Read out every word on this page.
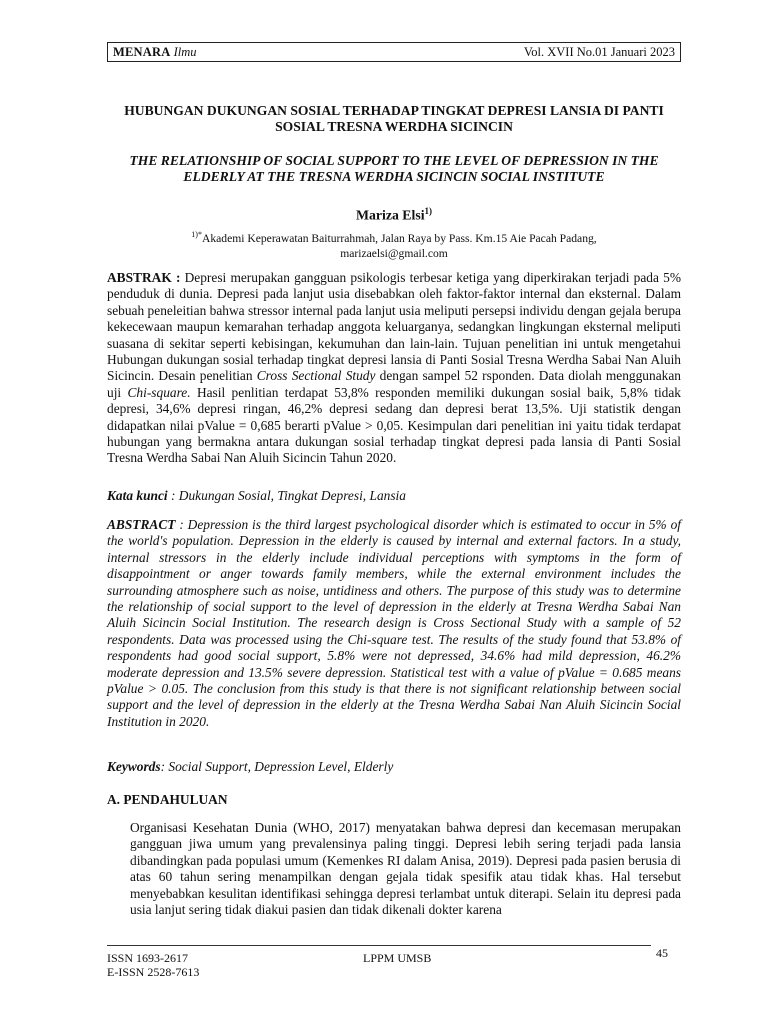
MENARA Ilmu	Vol. XVII No.01 Januari 2023

HUBUNGAN DUKUNGAN SOSIAL TERHADAP TINGKAT DEPRESI LANSIA DI PANTI SOSIAL TRESNA WERDHA SICINCIN

THE RELATIONSHIP OF SOCIAL SUPPORT TO THE LEVEL OF DEPRESSION IN THE ELDERLY AT THE TRESNA WERDHA SICINCIN SOCIAL INSTITUTE

Mariza Elsi$^{1)}$

$^{1)*}$Akademi Keperawatan Baiturrahmah, Jalan Raya by Pass. Km.15 Aie Pacah Padang,

marizaelsi@gmail.com

ABSTRAK : Depresi merupakan gangguan psikologis terbesar ketiga yang diperkirakan terjadi pada 5% penduduk di dunia. Depresi pada lanjut usia disebabkan oleh faktor-faktor internal dan eksternal. Dalam sebuah peneleitian bahwa stressor internal pada lanjut usia meliputi persepsi individu dengan gejala berupa kekecewaan maupun kemarahan terhadap anggota keluarganya, sedangkan lingkungan eksternal meliputi suasana di sekitar seperti kebisingan, kekumuhan dan lain-lain. Tujuan penelitian ini untuk mengetahui Hubungan dukungan sosial terhadap tingkat depresi lansia di Panti Sosial Tresna Werdha Sabai Nan Aluih Sicincin. Desain penelitian Cross Sectional Study dengan sampel 52 rsponden. Data diolah menggunakan uji Chi-square. Hasil penlitian terdapat 53,8% responden memiliki dukungan sosial baik, 5,8% tidak depresi, 34,6% depresi ringan, 46,2% depresi sedang dan depresi berat 13,5%. Uji statistik dengan didapatkan nilai pValue = 0,685 berarti pValue > 0,05. Kesimpulan dari penelitian ini yaitu tidak terdapat hubungan yang bermakna antara dukungan sosial terhadap tingkat depresi pada lansia di Panti Sosial Tresna Werdha Sabai Nan Aluih Sicincin Tahun 2020.
Kata kunci : Dukungan Sosial, Tingkat Depresi, Lansia
ABSTRACT : Depression is the third largest psychological disorder which is estimated to occur in 5% of the world's population. Depression in the elderly is caused by internal and external factors. In a study, internal stressors in the elderly include individual perceptions with symptoms in the form of disappointment or anger towards family members, while the external environment includes the surrounding atmosphere such as noise, untidiness and others. The purpose of this study was to determine the relationship of social support to the level of depression in the elderly at Tresna Werdha Sabai Nan Aluih Sicincin Social Institution. The research design is Cross Sectional Study with a sample of 52 respondents. Data was processed using the Chi-square test. The results of the study found that 53.8% of respondents had good social support, 5.8% were not depressed, 34.6% had mild depression, 46.2% moderate depression and 13.5% severe depression. Statistical test with a value of pValue = 0.685 means pValue > 0.05. The conclusion from this study is that there is not significant relationship between social support and the level of depression in the elderly at the Tresna Werdha Sabai Nan Aluih Sicincin Social Institution in 2020.
Keywords: Social Support, Depression Level, Elderly
A. PENDAHULUAN

Organisasi Kesehatan Dunia (WHO, 2017) menyatakan bahwa depresi dan kecemasan merupakan gangguan jiwa umum yang prevalensinya paling tinggi. Depresi lebih sering terjadi pada lansia dibandingkan pada populasi umum (Kemenkes RI dalam Anisa, 2019). Depresi pada pasien berusia di atas 60 tahun sering menampilkan dengan gejala tidak spesifik atau tidak khas. Hal tersebut menyebabkan kesulitan identifikasi sehingga depresi terlambat untuk diterapi. Selain itu depresi pada usia lanjut sering tidak diakui pasien dan tidak dikenali dokter karena

ISSN 1693-2617
E-ISSN 2528-7613
LPPM UMSB	45
